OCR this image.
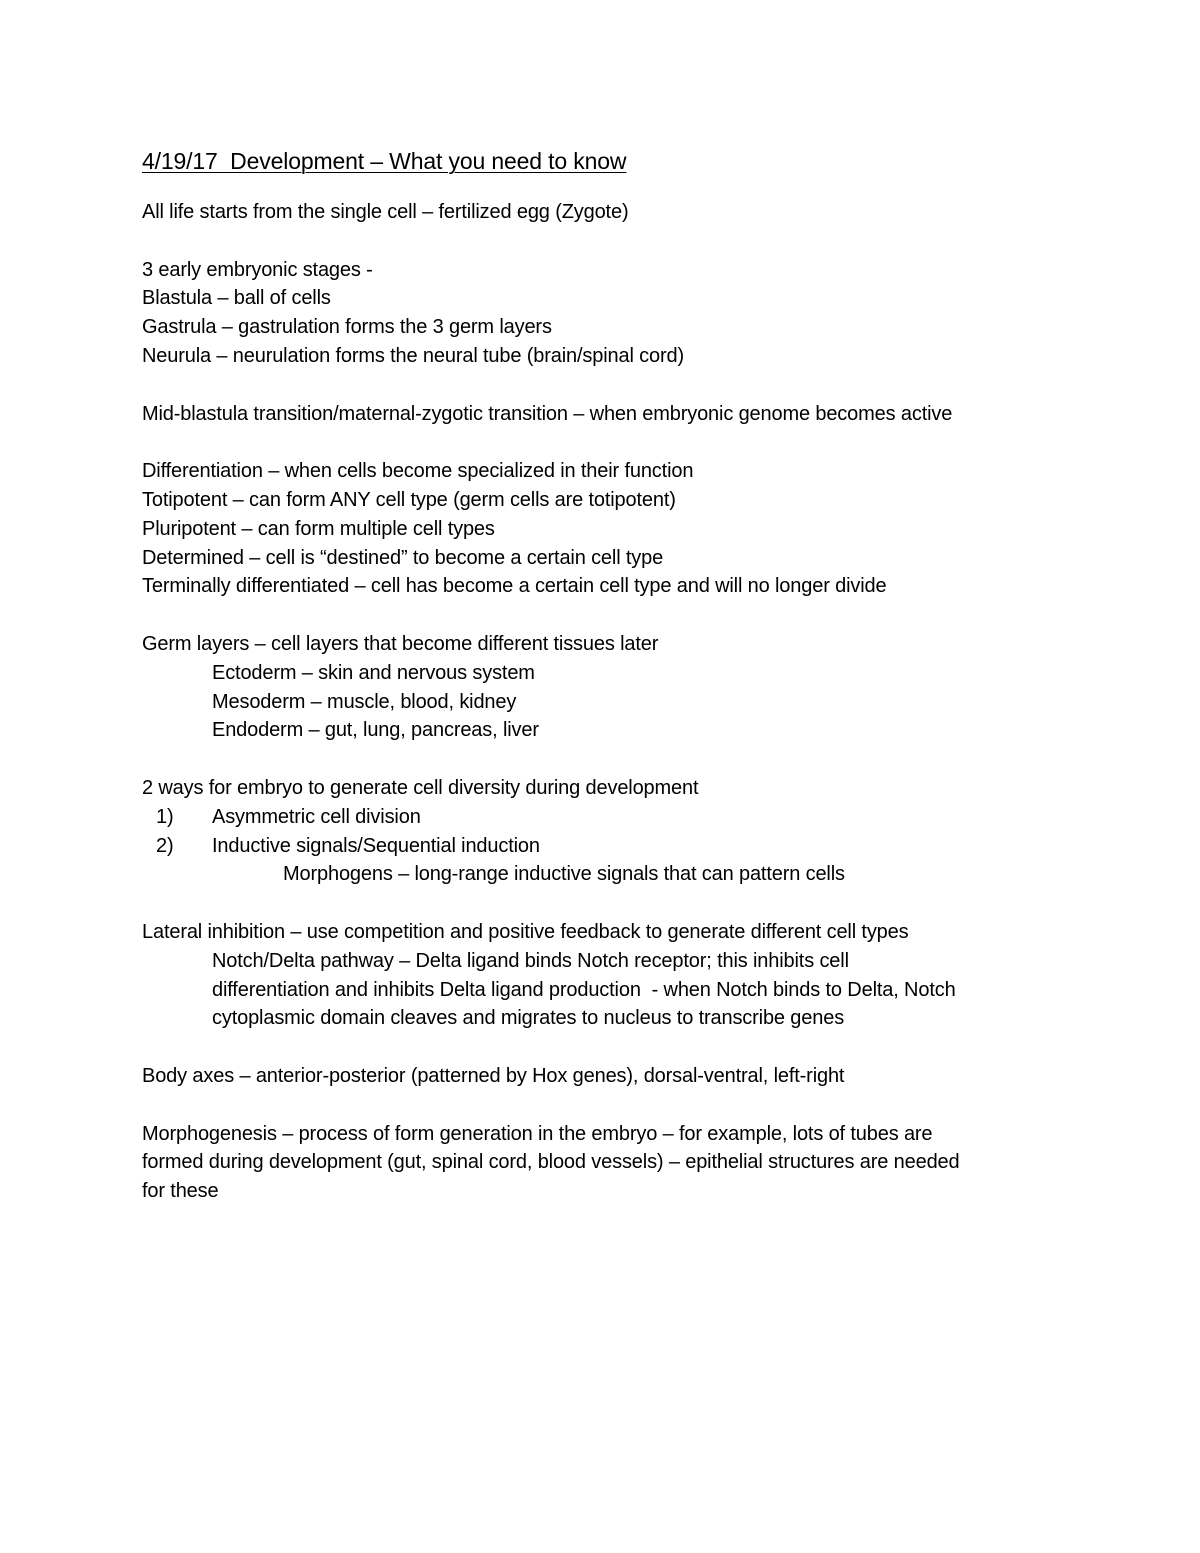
4/19/17  Development – What you need to know

All life starts from the single cell – fertilized egg (Zygote)

3 early embryonic stages -

Blastula – ball of cells

Gastrula – gastrulation forms the 3 germ layers

Neurula – neurulation forms the neural tube (brain/spinal cord)

Mid-blastula transition/maternal-zygotic transition – when embryonic genome becomes active

Differentiation – when cells become specialized in their function

Totipotent – can form ANY cell type (germ cells are totipotent)

Pluripotent – can form multiple cell types

Determined – cell is “destined” to become a certain cell type

Terminally differentiated – cell has become a certain cell type and will no longer divide

Germ layers – cell layers that become different tissues later

Ectoderm – skin and nervous system

Mesoderm – muscle, blood, kidney

Endoderm – gut, lung, pancreas, liver

2 ways for embryo to generate cell diversity during development

1)	Asymmetric cell division
2)	Inductive signals/Sequential induction

Morphogens – long-range inductive signals that can pattern cells

Lateral inhibition – use competition and positive feedback to generate different cell types

Notch/Delta pathway – Delta ligand binds Notch receptor; this inhibits cell

differentiation and inhibits Delta ligand production  - when Notch binds to Delta, Notch

cytoplasmic domain cleaves and migrates to nucleus to transcribe genes

Body axes – anterior-posterior (patterned by Hox genes), dorsal-ventral, left-right

Morphogenesis – process of form generation in the embryo – for example, lots of tubes are

formed during development (gut, spinal cord, blood vessels) – epithelial structures are needed

for these
